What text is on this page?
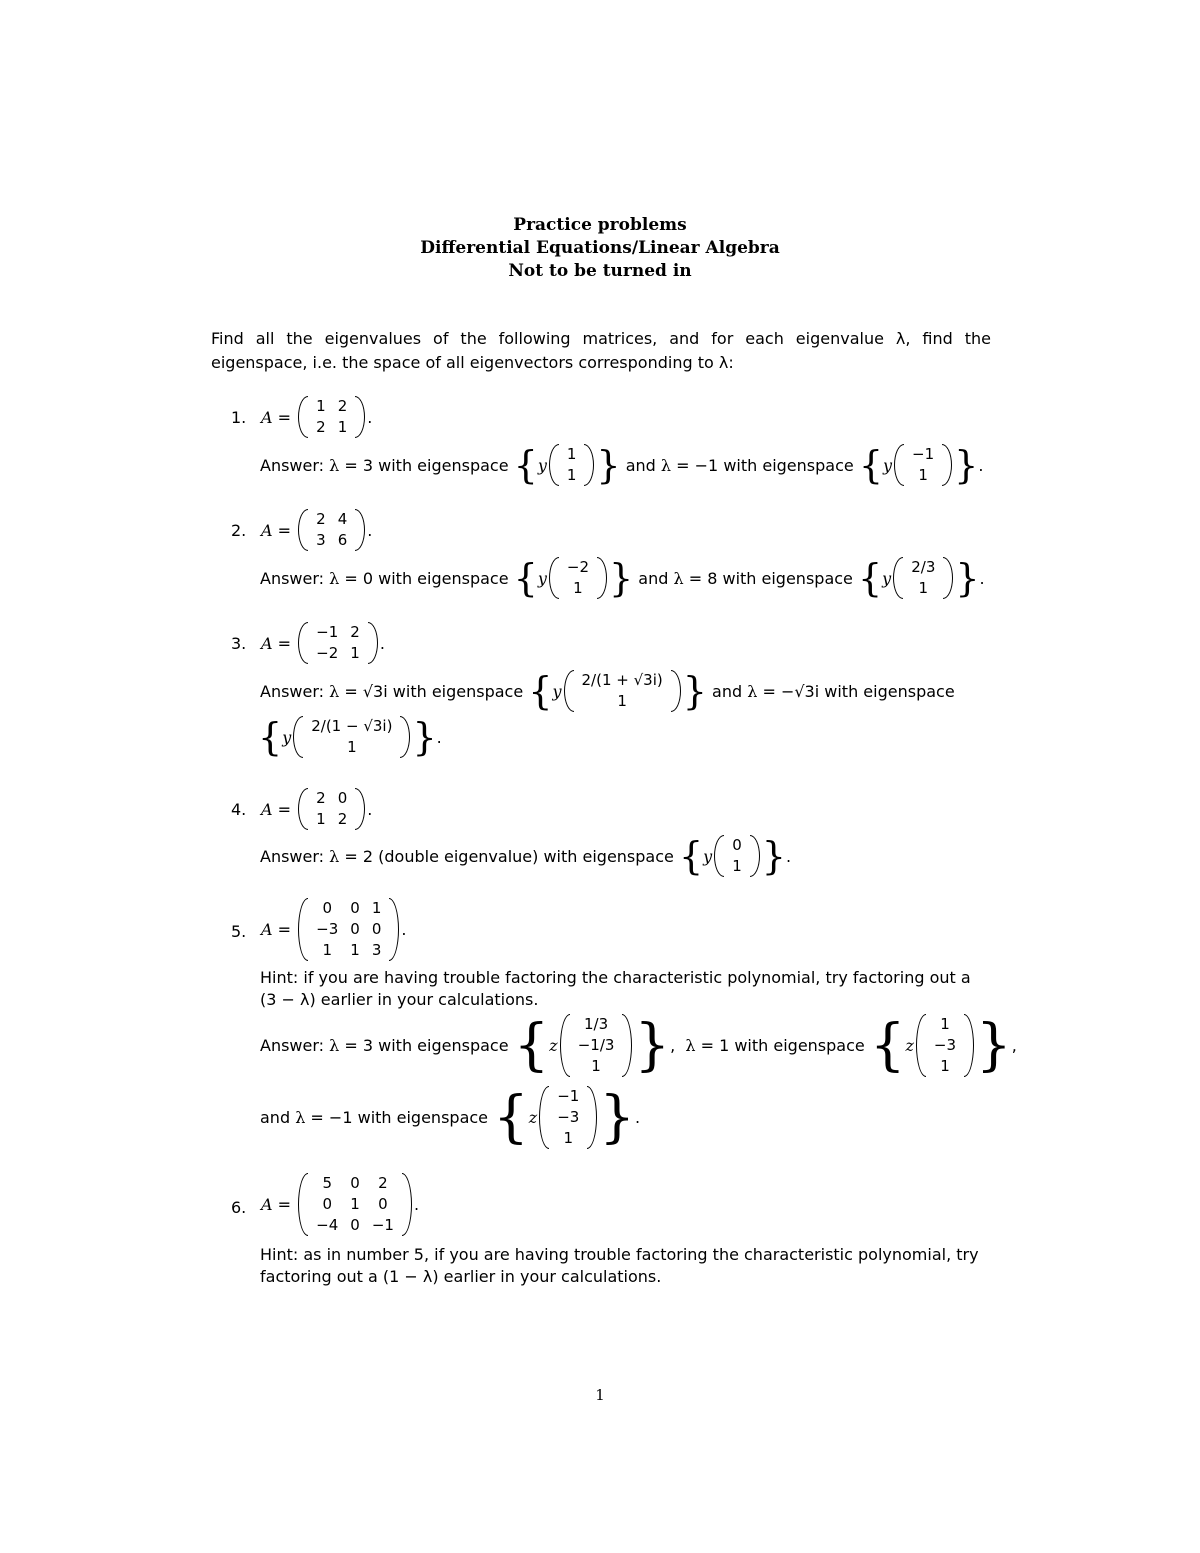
Practice problems
Differential Equations/Linear Algebra
Not to be turned in
Find all the eigenvalues of the following matrices, and for each eigenvalue λ, find the eigenspace, i.e. the space of all eigenvectors corresponding to λ:
1. A
=

1	2
2	1
.
Answer:
λ = 3
with eigenspace
{ y
1
1 }
and
λ = −1
with eigenspace
{ y
−1
1 } .
2. A
=

2	4
3	6
.
Answer:
λ = 0
with eigenspace
{ y
−2
1 }
and
λ = 8
with eigenspace
{ y
2/3
1 } .
3. A
=

−1	2
−2	1
.
Answer:
λ = √3i
with eigenspace
{ y
2/(1 + √3i)
1 }
and
λ = −√3i
with eigenspace
{ y
2/(1 − √3i)
1 } .
4. A
=

2	0
1	2
.
Answer:
λ = 2
(double eigenvalue)
with eigenspace
{ y
0
1 } .
5. A
=

0	0	1
−3	0	0
1	1	3
.
Hint: if you are having trouble factoring the characteristic polynomial, try factoring out a (3 − λ) earlier in your calculations.
Answer:
λ = 3
with eigenspace
{ z
1/3
−1/3
1 } , λ = 1
with eigenspace
{ z
1
−3
1 } ,
and
λ = −1
with eigenspace
{ z
−1
−3
1 } .
6. A
=

5	0	2
0	1	0
−4	0	−1
.
Hint: as in number 5, if you are having trouble factoring the characteristic polynomial, try factoring out a (1 − λ) earlier in your calculations.
1
